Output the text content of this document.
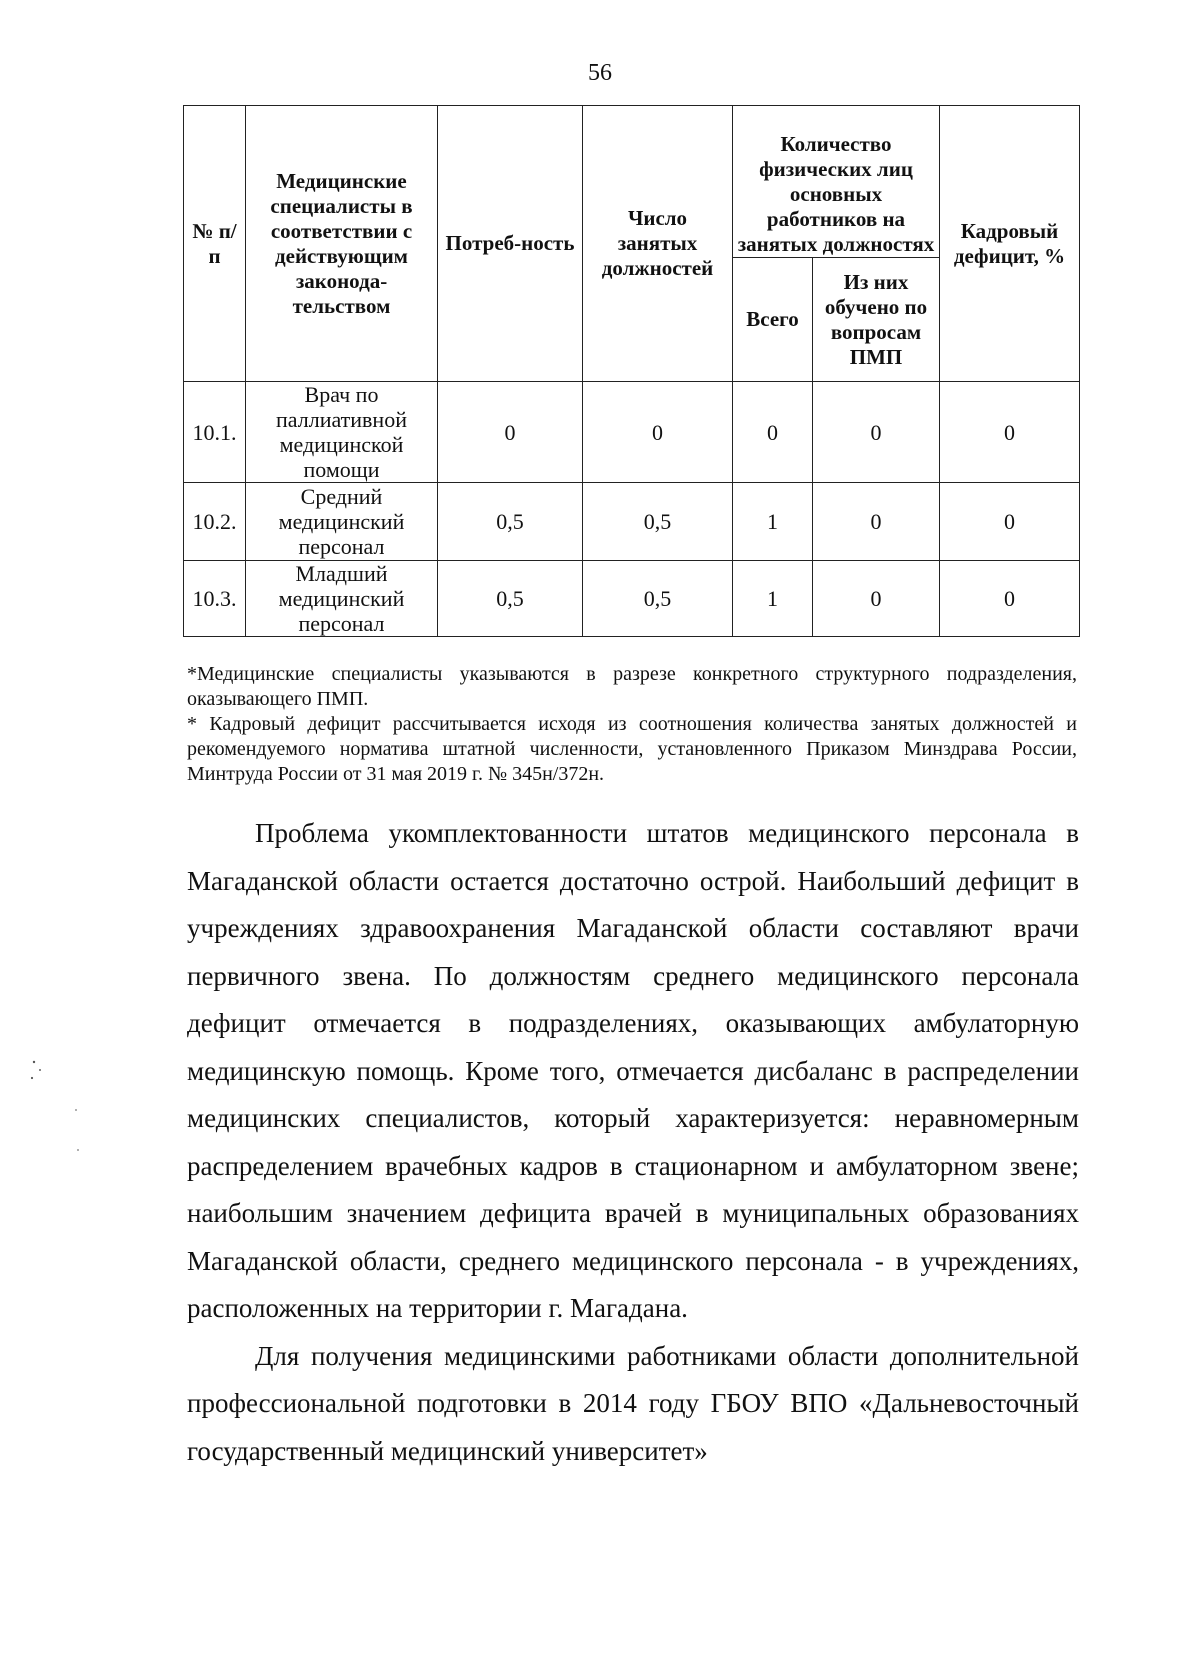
56
№ п/п	Медицинские специалисты в соответствии с действующим законода-тельством	Потреб-ность	Число занятых должностей	Количество физических лиц основных работников на занятых должностях		Кадровый дефицит, %
				Всего	Из них обучено по вопросам ПМП	
10.1.	Врач по паллиативной медицинской помощи	0	0	0	0	0
10.2.	Средний медицинский персонал	0,5	0,5	1	0	0
10.3.	Младший медицинский персонал	0,5	0,5	1	0	0

*Медицинские специалисты указываются в разрезе конкретного структурного подразделения, оказывающего ПМП.

* Кадровый дефицит рассчитывается исходя из соотношения количества занятых должностей и рекомендуемого норматива штатной численности, установленного Приказом Минздрава России, Минтруда России от 31 мая 2019 г. № 345н/372н.

Проблема укомплектованности штатов медицинского персонала в Магаданской области остается достаточно острой. Наибольший дефицит в учреждениях здравоохранения Магаданской области составляют врачи первичного звена. По должностям среднего медицинского персонала дефицит отмечается в подразделениях, оказывающих амбулаторную медицинскую помощь. Кроме того, отмечается дисбаланс в распределении медицинских специалистов, который характеризуется: неравномерным распределением врачебных кадров в стационарном и амбулаторном звене; наибольшим значением дефицита врачей в муниципальных образованиях Магаданской области, среднего медицинского персонала - в учреждениях, расположенных на территории г. Магадана.

Для получения медицинскими работниками области дополнительной профессиональной подготовки в 2014 году ГБОУ ВПО «Дальневосточный государственный медицинский университет»
